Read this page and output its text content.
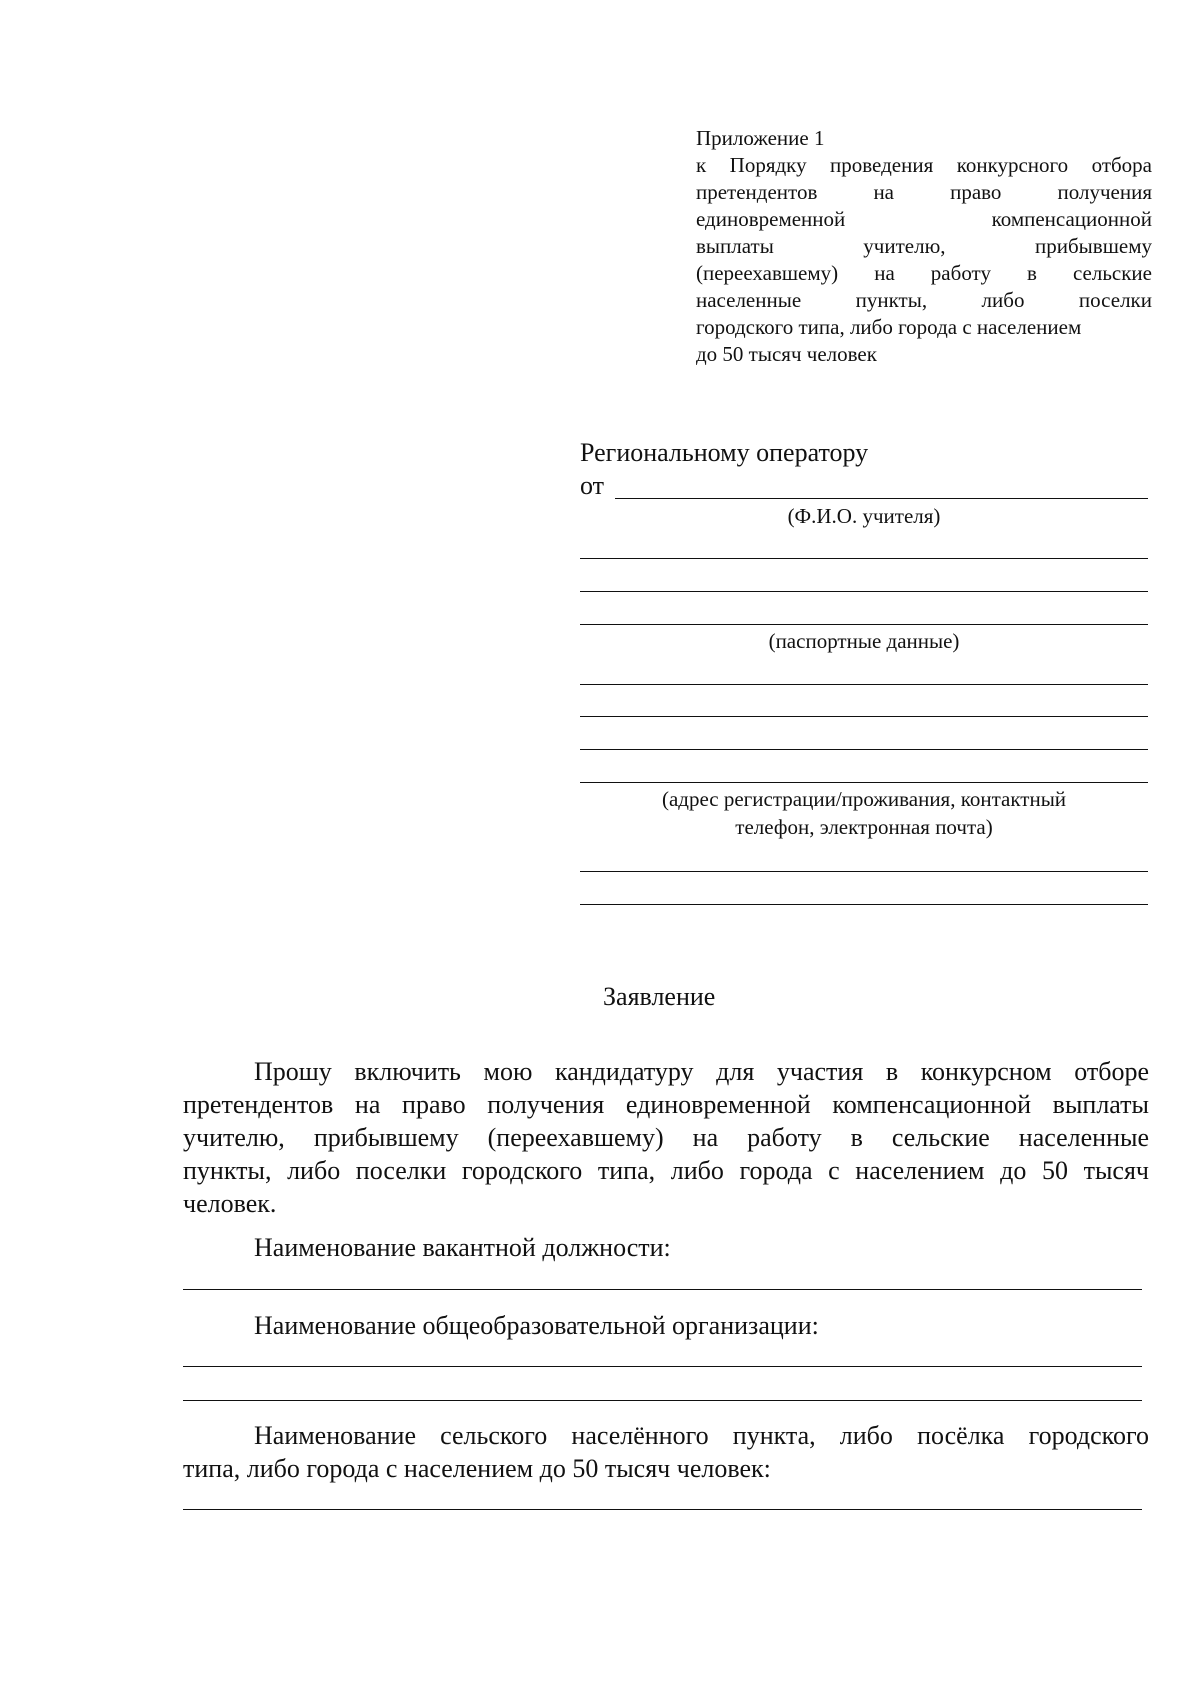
Приложение 1
к Порядку проведения конкурсного отбора
претендентов на право получения
единовременной компенсационной
выплаты учителю, прибывшему
(переехавшему) на работу в сельские
населенные пункты, либо поселки
городского типа, либо города с населением
до 50 тысяч человек
Региональному оператору
от
(Ф.И.О. учителя)
(паспортные данные)
(адрес регистрации/проживания, контактный
телефон, электронная почта)
Заявление
Прошу включить мою кандидатуру для участия в конкурсном отборе
претендентов на право получения единовременной компенсационной выплаты
учителю, прибывшему (переехавшему) на работу в сельские населенные
пункты, либо поселки городского типа, либо города с населением до 50 тысяч
человек.
Наименование вакантной должности:
Наименование общеобразовательной организации:
Наименование сельского населённого пункта, либо посёлка городского
типа, либо города с населением до 50 тысяч человек:
